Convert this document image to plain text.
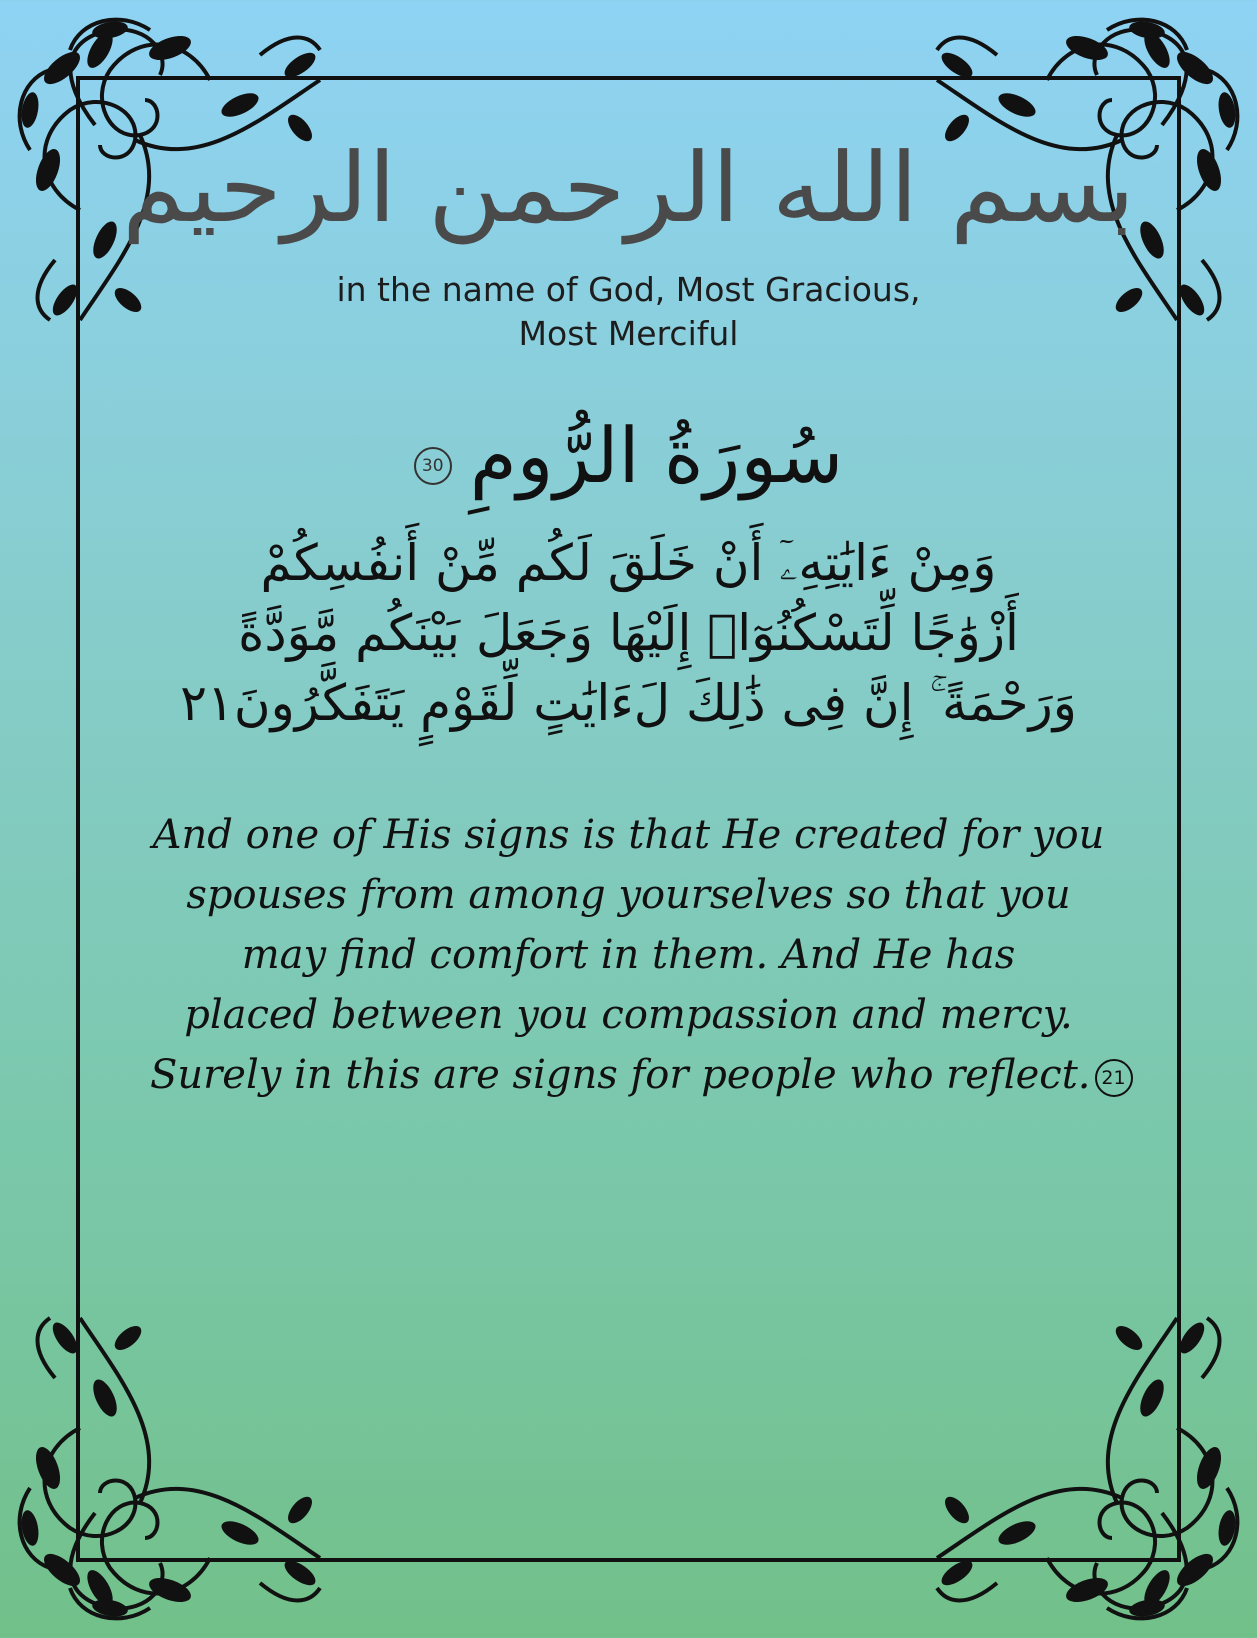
بسم الله الرحمن الرحيم
in the name of God, Most Gracious, Most Merciful
30 سُورَةُ الرُّومِ
وَمِنْ ءَايَٰتِهِۦٓ أَنْ خَلَقَ لَكُم مِّنْ أَنفُسِكُمْ
أَزْوَٰجًا لِّتَسْكُنُوٓا۟ إِلَيْهَا وَجَعَلَ بَيْنَكُم مَّوَدَّةً
وَرَحْمَةً ۚ إِنَّ فِى ذَٰلِكَ لَءَايَٰتٍ لِّقَوْمٍ يَتَفَكَّرُونَ٢١
And one of His signs is that He created for you
spouses from among yourselves so that you
may find comfort in them. And He has
placed between you compassion and mercy.
Surely in this are signs for people who reflect. 21
